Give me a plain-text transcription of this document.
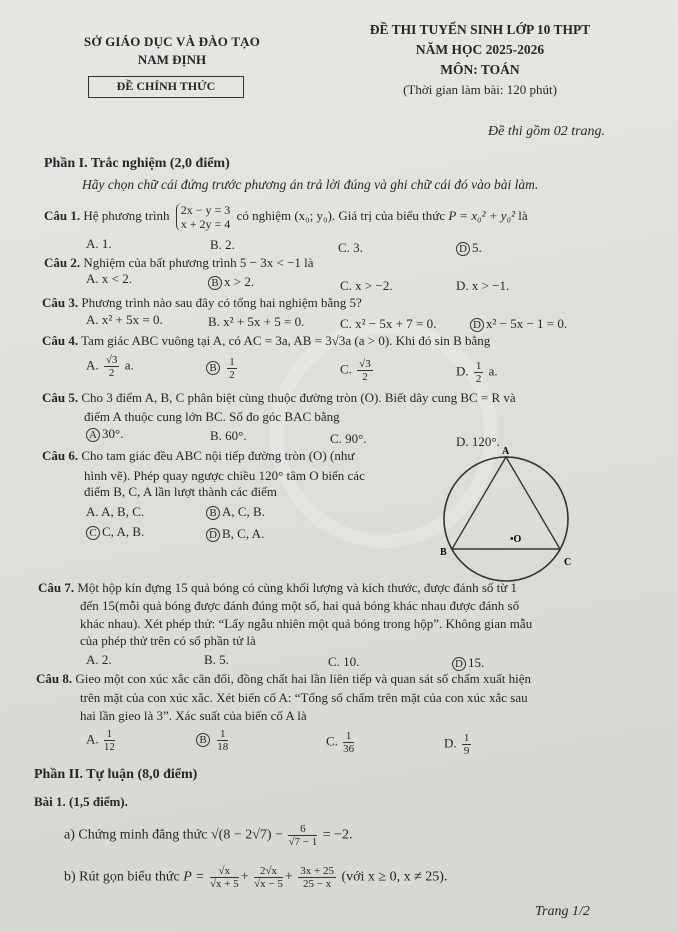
SỞ GIÁO DỤC VÀ ĐÀO TẠO
NAM ĐỊNH
ĐỀ CHÍNH THỨC
ĐỀ THI TUYỂN SINH LỚP 10 THPT
NĂM HỌC 2025-2026
MÔN: TOÁN
(Thời gian làm bài: 120 phút)
Đề thi gồm 02 trang.
Phần I. Trắc nghiệm (2,0 điểm)
Hãy chọn chữ cái đứng trước phương án trả lời đúng và ghi chữ cái đó vào bài làm.
Câu 1. Hệ phương trình 2x − y = 3
x + 2y = 4
có nghiệm (x₀; y₀). Giá trị của biểu thức P = x₀² + y₀² là
A. 1.	B. 2.	C. 3.	D 5.
Câu 2. Nghiệm của bất phương trình 5 − 3x < −1 là
A. x < 2.	B x > 2.	C. x > −2.	D. x > −1.
Câu 3. Phương trình nào sau đây có tổng hai nghiệm bằng 5?
A. x² + 5x = 0.	B. x² + 5x + 5 = 0.	C. x² − 5x + 7 = 0.	D x² − 5x − 1 = 0.
Câu 4. Tam giác ABC vuông tại A, có AC = 3a, AB = 3√3a (a > 0). Khi đó sin B bằng
A. $\frac{√3}{2} a$.	B $\frac{1}{2}$	C. $\frac{√3}{2}$	D. $\frac{1}{2} a$.
Câu 5. Cho 3 điểm A, B, C phân biệt cùng thuộc đường tròn (O). Biết dây cung BC = R và
điểm A thuộc cung lớn BC. Số đo góc BAC bằng
A 30°.	B. 60°.	C. 90°.	D. 120°.
Câu 6. Cho tam giác đều ABC nội tiếp đường tròn (O) (như
hình vẽ). Phép quay ngược chiều 120° tâm O biến các
điểm B, C, A lần lượt thành các điểm
A. A, B, C.	B A, C, B.
C C, A, B.	D B, C, A.
A
B
C
•O
Câu 7. Một hộp kín đựng 15 quả bóng có cùng khối lượng và kích thước, được đánh số từ 1
đến 15(mỗi quả bóng được đánh đúng một số, hai quả bóng khác nhau được đánh số
khác nhau). Xét phép thử: “Lấy ngẫu nhiên một quả bóng trong hộp”. Không gian mẫu
của phép thử trên có số phần tử là
A. 2.	B. 5.	C. 10.	D 15.
Câu 8. Gieo một con xúc xắc cân đối, đồng chất hai lần liên tiếp và quan sát số chấm xuất hiện
trên mặt của con xúc xắc. Xét biến cố A: “Tổng số chấm trên mặt của con xúc xắc sau
hai lần gieo là 3”. Xác suất của biến cố A là
A. $\frac{1}{12}$	B $\frac{1}{18}$	C. $\frac{1}{36}$	D. $\frac{1}{9}$
Phần II. Tự luận (8,0 điểm)
Bài 1. (1,5 điểm).
a) Chứng minh đẳng thức $√(8 - 2√7) - \frac{6}{√7 - 1} = -2$.
b) Rút gọn biểu thức $P = \frac{√x}{√x + 5} + \frac{2√x}{√x - 5} + \frac{3x + 25}{25 - x}$ (với x ≥ 0, x ≠ 25).
Trang 1/2
